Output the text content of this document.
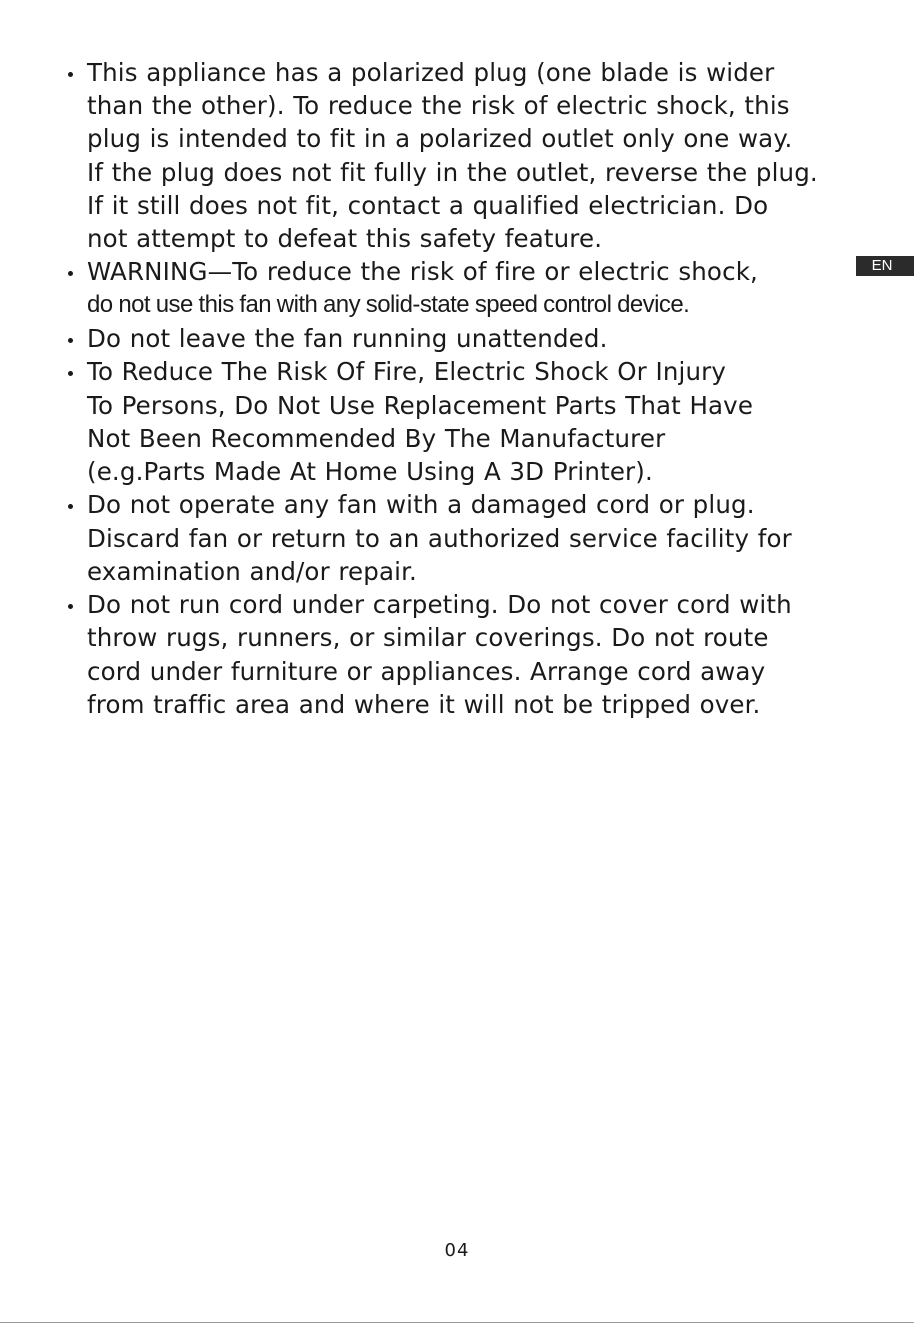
This appliance has a polarized plug (one blade is wider
than the other). To reduce the risk of electric shock, this
plug is intended to fit in a polarized outlet only one way.
If the plug does not fit fully in the outlet, reverse the plug.
If it still does not fit, contact a qualified electrician. Do
not attempt to defeat this safety feature.
WARNING—To reduce the risk of fire or electric shock,
do not use this fan with any solid-state speed control device.
Do not leave the fan running unattended.
To Reduce The Risk Of Fire, Electric Shock Or Injury
To Persons, Do Not Use Replacement Parts That Have
Not Been Recommended By The Manufacturer
(e.g.Parts Made At Home Using A 3D Printer).
Do not operate any fan with a damaged cord or plug.
Discard fan or return to an authorized service facility for
examination and/or repair.
Do not run cord under carpeting. Do not cover cord with
throw rugs, runners, or similar coverings. Do not route
cord under furniture or appliances. Arrange cord away
from traffic area and where it will not be tripped over.
EN
04
